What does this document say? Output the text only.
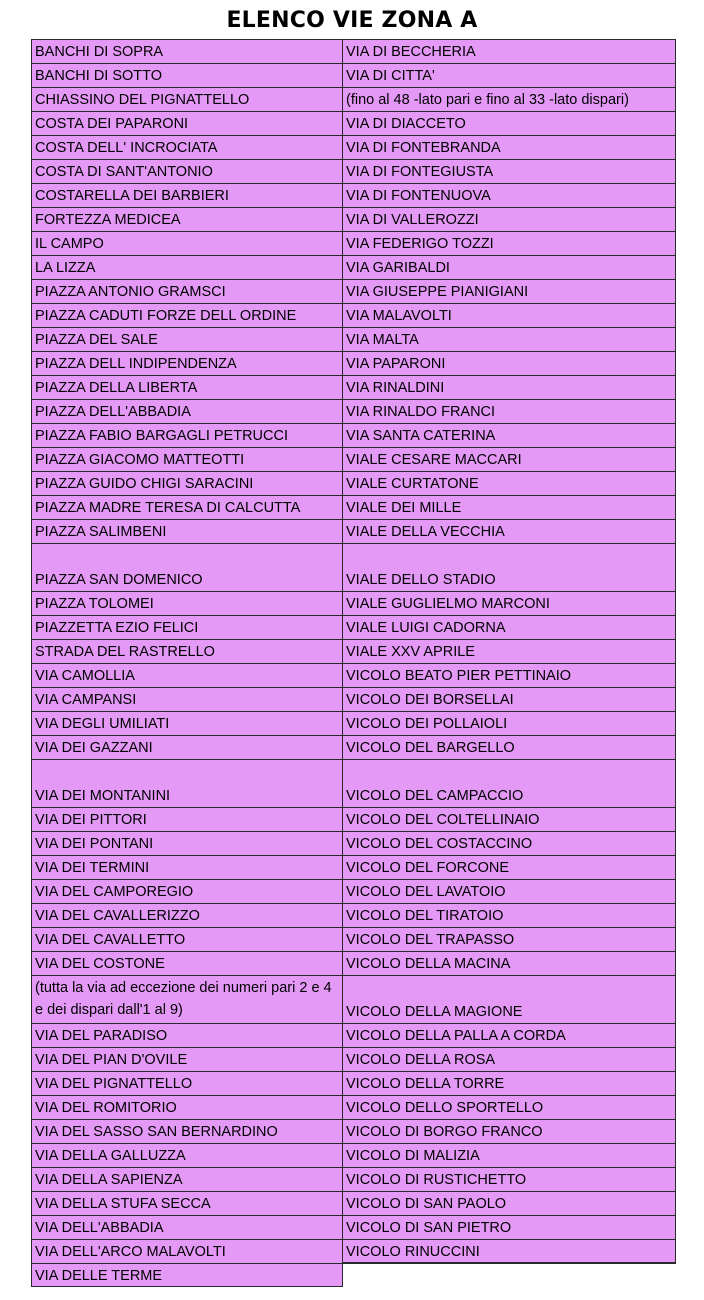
ELENCO VIE ZONA A
BANCHI DI SOPRA	VIA DI BECCHERIA
BANCHI DI SOTTO	VIA DI CITTA'
CHIASSINO DEL PIGNATTELLO	(fino al 48 -lato pari e fino al 33 -lato dispari)
COSTA DEI PAPARONI	VIA DI DIACCETO
COSTA DELL' INCROCIATA	VIA DI FONTEBRANDA
COSTA DI SANT'ANTONIO	VIA DI FONTEGIUSTA
COSTARELLA DEI BARBIERI	VIA DI FONTENUOVA
FORTEZZA MEDICEA	VIA DI VALLEROZZI
IL CAMPO	VIA FEDERIGO TOZZI
LA LIZZA	VIA GARIBALDI
PIAZZA ANTONIO GRAMSCI	VIA GIUSEPPE PIANIGIANI
PIAZZA CADUTI FORZE DELL ORDINE	VIA MALAVOLTI
PIAZZA DEL SALE	VIA MALTA
PIAZZA DELL INDIPENDENZA	VIA PAPARONI
PIAZZA DELLA LIBERTA	VIA RINALDINI
PIAZZA DELL'ABBADIA	VIA RINALDO FRANCI
PIAZZA FABIO BARGAGLI PETRUCCI	VIA SANTA CATERINA
PIAZZA GIACOMO MATTEOTTI	VIALE CESARE MACCARI
PIAZZA GUIDO CHIGI SARACINI	VIALE CURTATONE
PIAZZA MADRE TERESA DI CALCUTTA	VIALE DEI MILLE
PIAZZA SALIMBENI	VIALE DELLA VECCHIA
PIAZZA SAN DOMENICO	VIALE DELLO STADIO
PIAZZA TOLOMEI	VIALE GUGLIELMO MARCONI
PIAZZETTA EZIO FELICI	VIALE LUIGI CADORNA
STRADA DEL RASTRELLO	VIALE XXV APRILE
VIA CAMOLLIA	VICOLO BEATO PIER PETTINAIO
VIA CAMPANSI	VICOLO DEI BORSELLAI
VIA DEGLI UMILIATI	VICOLO DEI POLLAIOLI
VIA DEI GAZZANI	VICOLO DEL BARGELLO
VIA DEI MONTANINI	VICOLO DEL CAMPACCIO
VIA DEI PITTORI	VICOLO DEL COLTELLINAIO
VIA DEI PONTANI	VICOLO DEL COSTACCINO
VIA DEI TERMINI	VICOLO DEL FORCONE
VIA DEL CAMPOREGIO	VICOLO DEL LAVATOIO
VIA DEL CAVALLERIZZO	VICOLO DEL TIRATOIO
VIA DEL CAVALLETTO	VICOLO DEL TRAPASSO
VIA DEL COSTONE	VICOLO DELLA MACINA
(tutta la via ad eccezione dei numeri pari 2 e 4 e dei dispari dall'1 al 9)	VICOLO DELLA MAGIONE
VIA DEL PARADISO	VICOLO DELLA PALLA A CORDA
VIA DEL PIAN D'OVILE	VICOLO DELLA ROSA
VIA DEL PIGNATTELLO	VICOLO DELLA TORRE
VIA DEL ROMITORIO	VICOLO DELLO SPORTELLO
VIA DEL SASSO SAN BERNARDINO	VICOLO DI BORGO FRANCO
VIA DELLA GALLUZZA	VICOLO DI MALIZIA
VIA DELLA SAPIENZA	VICOLO DI RUSTICHETTO
VIA DELLA STUFA SECCA	VICOLO DI SAN PAOLO
VIA DELL'ABBADIA	VICOLO DI SAN PIETRO
VIA DELL'ARCO MALAVOLTI	VICOLO RINUCCINI
VIA DELLE TERME
